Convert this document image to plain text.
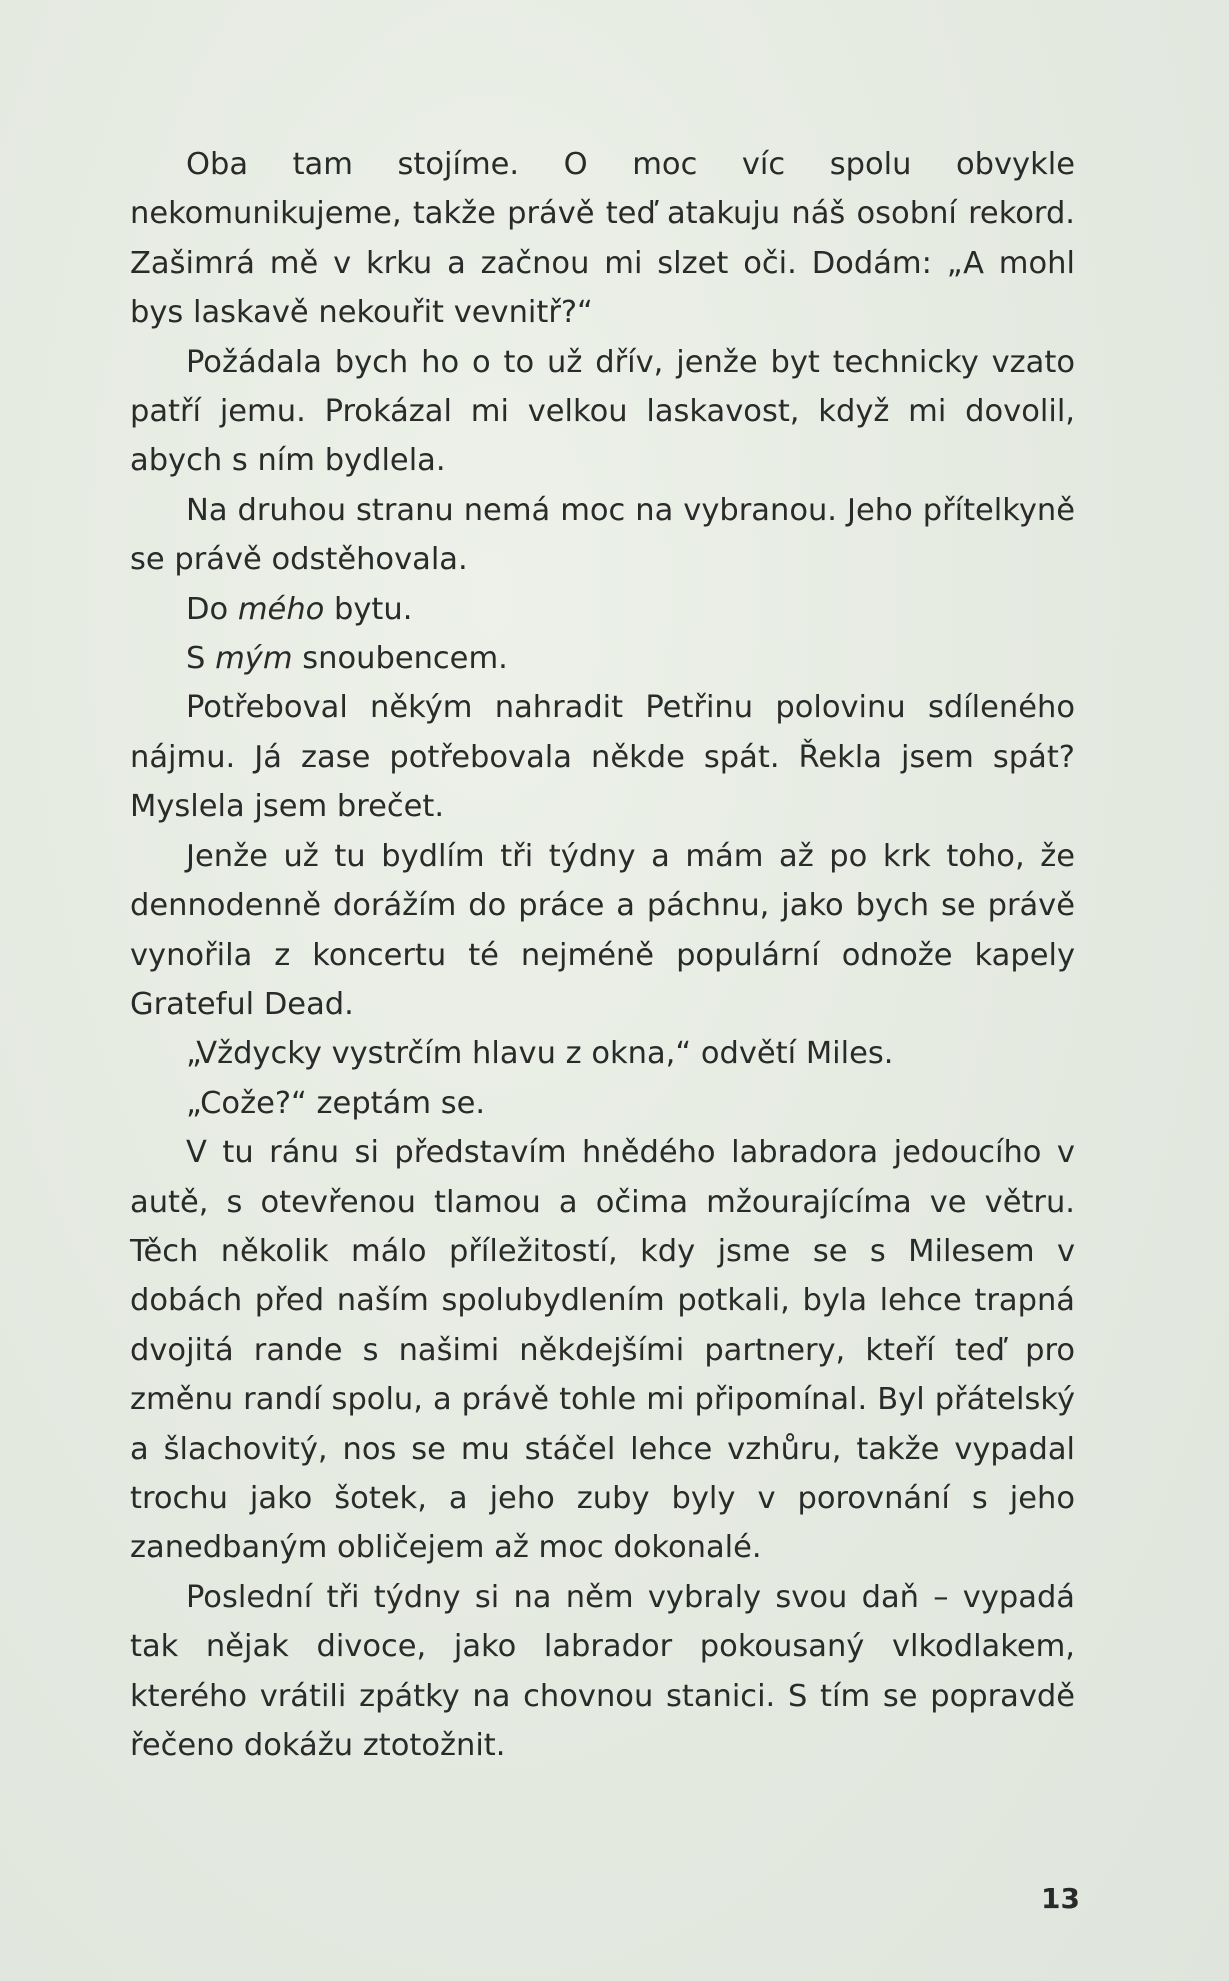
Oba tam stojíme. O moc víc spolu obvykle nekomunikujeme, takže právě teď atakuju náš osobní rekord. Zašimrá mě v krku a začnou mi slzet oči. Dodám: „A mohl bys laskavě nekouřit vevnitř?“

Požádala bych ho o to už dřív, jenže byt technicky vzato patří jemu. Prokázal mi velkou laskavost, když mi dovolil, abych s ním bydlela.

Na druhou stranu nemá moc na vybranou. Jeho přítelkyně se právě odstěhovala.

Do mého bytu.

S mým snoubencem.

Potřeboval někým nahradit Petřinu polovinu sdíleného nájmu. Já zase potřebovala někde spát. Řekla jsem spát? Myslela jsem brečet.

Jenže už tu bydlím tři týdny a mám až po krk toho, že dennodenně dorážím do práce a páchnu, jako bych se právě vynořila z koncertu té nejméně populární odnože kapely Grateful Dead.

„Vždycky vystrčím hlavu z okna,“ odvětí Miles.

„Cože?“ zeptám se.

V tu ránu si představím hnědého labradora jedoucího v autě, s otevřenou tlamou a očima mžourajícíma ve větru. Těch několik málo příležitostí, kdy jsme se s Milesem v dobách před naším spolubydlením potkali, byla lehce trapná dvojitá rande s našimi někdejšími partnery, kteří teď pro změnu randí spolu, a právě tohle mi připomínal. Byl přátelský a šlachovitý, nos se mu stáčel lehce vzhůru, takže vypadal trochu jako šotek, a jeho zuby byly v porovnání s jeho zanedbaným obličejem až moc dokonalé.

Poslední tři týdny si na něm vybraly svou daň – vypadá tak nějak divoce, jako labrador pokousaný vlkodlakem, kterého vrátili zpátky na chovnou stanici. S tím se popravdě řečeno dokážu ztotožnit.

13
